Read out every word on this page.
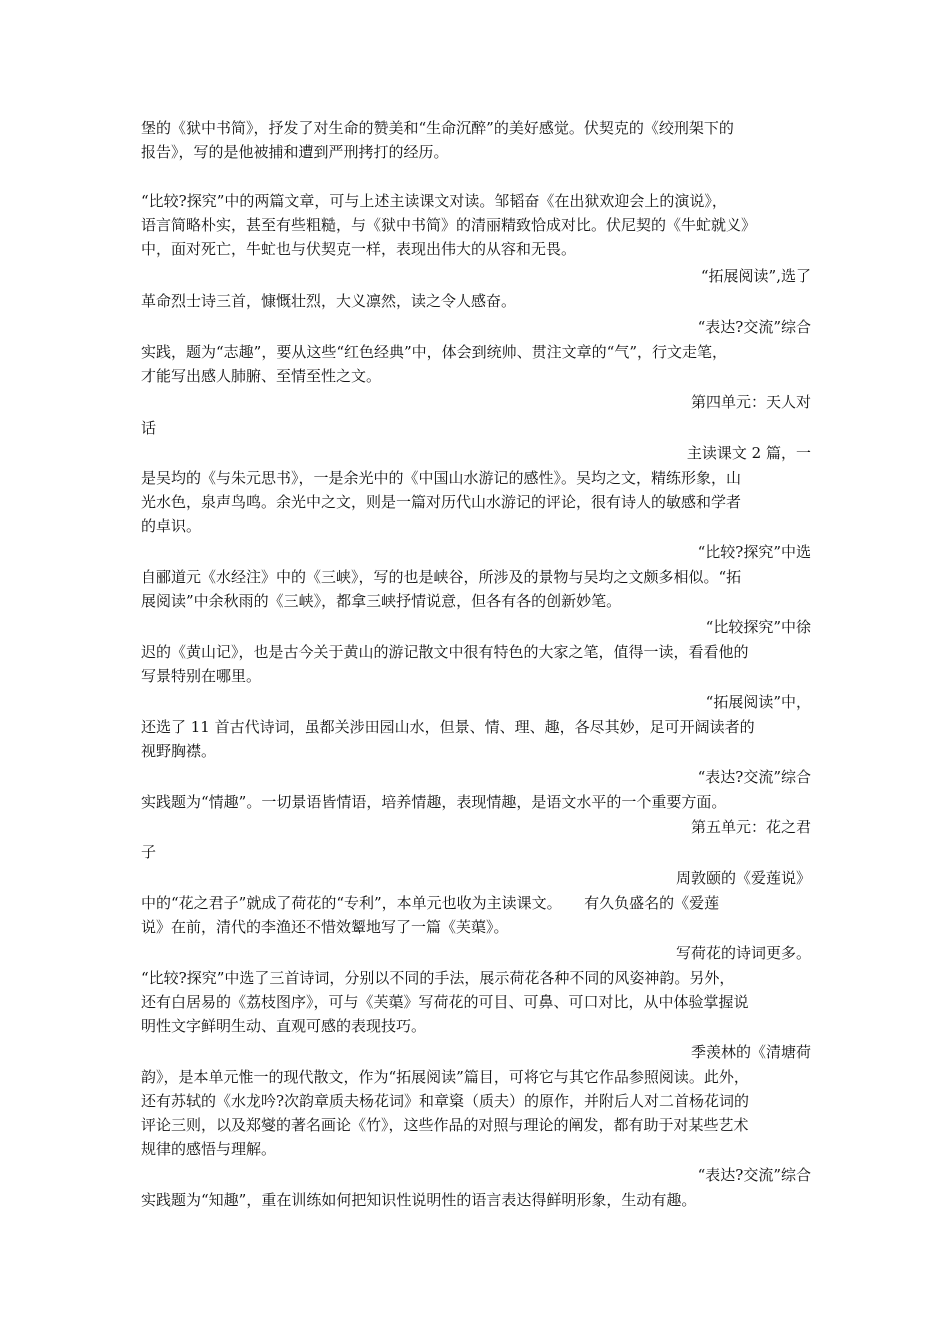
堡的《狱中书简》，抒发了对生命的赞美和“生命沉醉”的美好感觉。伏契克的《绞刑架下的
报告》，写的是他被捕和遭到严刑拷打的经历。
“比较?探究”中的两篇文章，可与上述主读课文对读。邹韬奋《在出狱欢迎会上的演说》，
语言简略朴实，甚至有些粗糙，与《狱中书简》的清丽精致恰成对比。伏尼契的《牛虻就义》
中，面对死亡，牛虻也与伏契克一样，表现出伟大的从容和无畏。
“拓展阅读”,选了
革命烈士诗三首，慷慨壮烈，大义凛然，读之令人感奋。
“表达?交流”综合
实践，题为“志趣”，要从这些“红色经典”中，体会到统帅、贯注文章的“气”，行文走笔，
才能写出感人肺腑、至情至性之文。
第四单元：天人对
话
主读课文 2 篇，一
是吴均的《与朱元思书》，一是余光中的《中国山水游记的感性》。吴均之文，精练形象，山
光水色，泉声鸟鸣。余光中之文，则是一篇对历代山水游记的评论，很有诗人的敏感和学者
的卓识。
“比较?探究”中选
自郦道元《水经注》中的《三峡》，写的也是峡谷，所涉及的景物与吴均之文颇多相似。“拓
展阅读”中余秋雨的《三峡》，都拿三峡抒情说意，但各有各的创新妙笔。
“比较探究”中徐
迟的《黄山记》，也是古今关于黄山的游记散文中很有特色的大家之笔，值得一读，看看他的
写景特别在哪里。
“拓展阅读”中，
还选了 11 首古代诗词，虽都关涉田园山水，但景、情、理、趣，各尽其妙，足可开阔读者的
视野胸襟。
“表达?交流”综合
实践题为“情趣”。一切景语皆情语，培养情趣，表现情趣，是语文水平的一个重要方面。
第五单元：花之君
子
周敦颐的《爱莲说》
中的“花之君子”就成了荷花的“专利”，本单元也收为主读课文。　　有久负盛名的《爱莲
说》在前，清代的李渔还不惜效颦地写了一篇《芙蕖》。
写荷花的诗词更多。
“比较?探究”中选了三首诗词，分别以不同的手法，展示荷花各种不同的风姿神韵。另外，
还有白居易的《荔枝图序》，可与《芙蕖》写荷花的可目、可鼻、可口对比，从中体验掌握说
明性文字鲜明生动、直观可感的表现技巧。
季羡林的《清塘荷
韵》，是本单元惟一的现代散文，作为“拓展阅读”篇目，可将它与其它作品参照阅读。此外，
还有苏轼的《水龙吟?次韵章质夫杨花词》和章楶（质夫）的原作，并附后人对二首杨花词的
评论三则，以及郑燮的著名画论《竹》，这些作品的对照与理论的阐发，都有助于对某些艺术
规律的感悟与理解。
“表达?交流”综合
实践题为“知趣”，重在训练如何把知识性说明性的语言表达得鲜明形象，生动有趣。
